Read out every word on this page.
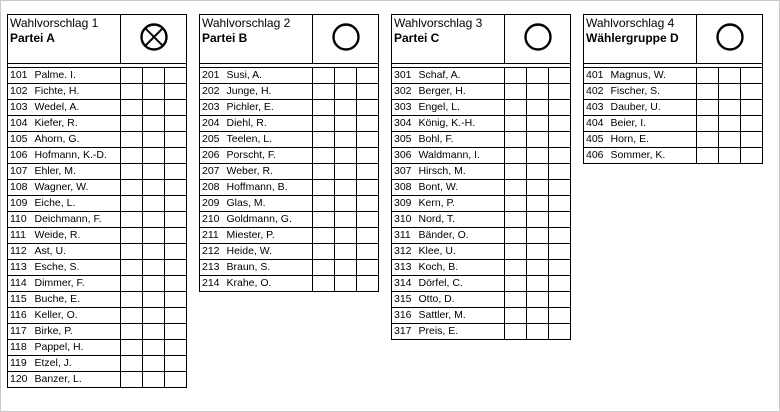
Wahlvorschlag 1
Partei A

101	Palme. I.			
102	Fichte, H.			
103	Wedel, A.			
104	Kiefer, R.			
105	Ahorn, G.			
106	Hofmann, K.-D.			
107	Ehler, M.			
108	Wagner, W.			
109	Eiche, L.			
110	Deichmann, F.			
111	Weide, R.			
112	Ast, U.			
113	Esche, S.			
114	Dimmer, F.			
115	Buche, E.			
116	Keller, O.			
117	Birke, P.			
118	Pappel, H.			
119	Etzel, J.			
120	Banzer, L.			
Wahlvorschlag 2
Partei B

201	Susi, A.			
202	Junge, H.			
203	Pichler, E.			
204	Diehl, R.			
205	Teelen, L.			
206	Porscht, F.			
207	Weber, R.			
208	Hoffmann, B.			
209	Glas, M.			
210	Goldmann, G.			
211	Miester, P.			
212	Heide, W.			
213	Braun, S.			
214	Krahe, O.			
Wahlvorschlag 3
Partei C

301	Schaf, A.			
302	Berger, H.			
303	Engel, L.			
304	König, K.-H.			
305	Bohl, F.			
306	Waldmann, I.			
307	Hirsch, M.			
308	Bont, W.			
309	Kern, P.			
310	Nord, T.			
311	Bänder, O.			
312	Klee, U.			
313	Koch, B.			
314	Dörfel, C.			
315	Otto, D.			
316	Sattler, M.			
317	Preis, E.			
Wahlvorschlag 4
Wählergruppe D

401	Magnus, W.			
402	Fischer, S.			
403	Dauber, U.			
404	Beier, I.			
405	Horn, E.			
406	Sommer, K.			
